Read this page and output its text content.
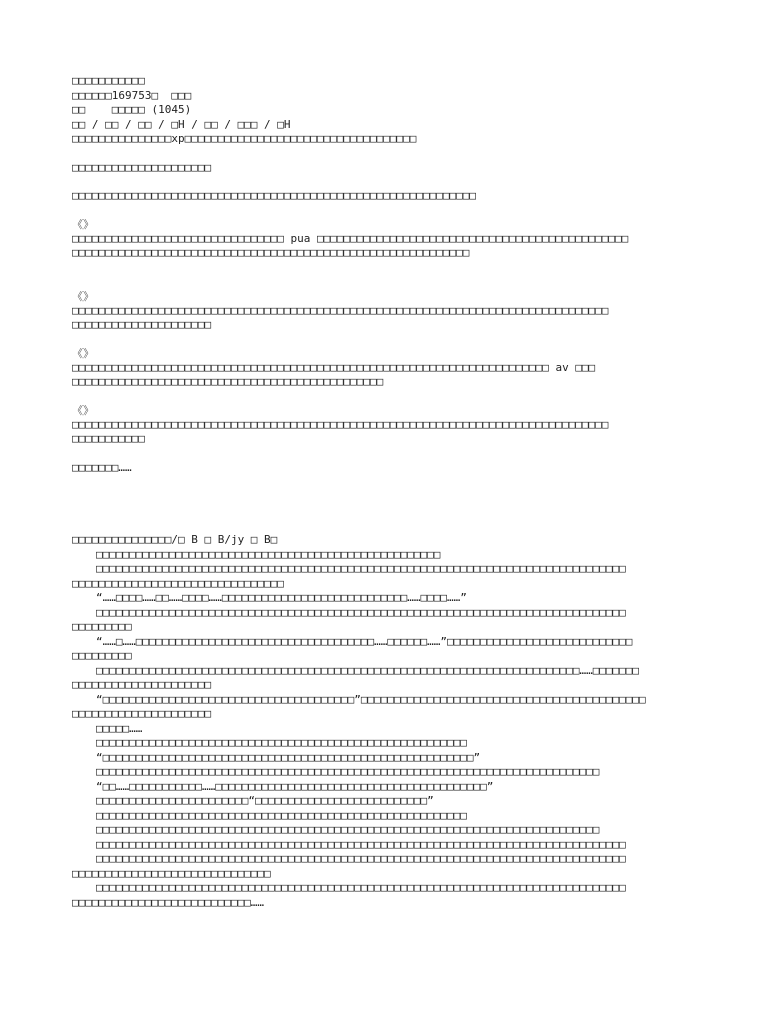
□□□□□□□□□□□
□□□□□□169753□  □□□
□□    □□□□□ (1045)
□□ / □□ / □□ / □H / □□ / □□□ / □H
□□□□□□□□□□□□□□□xp□□□□□□□□□□□□□□□□□□□□□□□□□□□□□□□□□□□
□□□□□□□□□□□□□□□□□□□□□
□□□□□□□□□□□□□□□□□□□□□□□□□□□□□□□□□□□□□□□□□□□□□□□□□□□□□□□□□□□□□
《》
□□□□□□□□□□□□□□□□□□□□□□□□□□□□□□□□ pua □□□□□□□□□□□□□□□□□□□□□□□□□□□□□□□□□□□□□□□□□□□□□□□
□□□□□□□□□□□□□□□□□□□□□□□□□□□□□□□□□□□□□□□□□□□□□□□□□□□□□□□□□□□□
《》
□□□□□□□□□□□□□□□□□□□□□□□□□□□□□□□□□□□□□□□□□□□□□□□□□□□□□□□□□□□□□□□□□□□□□□□□□□□□□□□□□
□□□□□□□□□□□□□□□□□□□□□
《》
□□□□□□□□□□□□□□□□□□□□□□□□□□□□□□□□□□□□□□□□□□□□□□□□□□□□□□□□□□□□□□□□□□□□□□□□ av □□□
□□□□□□□□□□□□□□□□□□□□□□□□□□□□□□□□□□□□□□□□□□□□□□□
《》
□□□□□□□□□□□□□□□□□□□□□□□□□□□□□□□□□□□□□□□□□□□□□□□□□□□□□□□□□□□□□□□□□□□□□□□□□□□□□□□□□
□□□□□□□□□□□
□□□□□□□……
□□□□□□□□□□□□□□□/□ B □ B/jy □ B□
□□□□□□□□□□□□□□□□□□□□□□□□□□□□□□□□□□□□□□□□□□□□□□□□□□□□
□□□□□□□□□□□□□□□□□□□□□□□□□□□□□□□□□□□□□□□□□□□□□□□□□□□□□□□□□□□□□□□□□□□□□□□□□□□□□□□□
□□□□□□□□□□□□□□□□□□□□□□□□□□□□□□□□
“……□□□□……□□……□□□□……□□□□□□□□□□□□□□□□□□□□□□□□□□□□……□□□□……”
□□□□□□□□□□□□□□□□□□□□□□□□□□□□□□□□□□□□□□□□□□□□□□□□□□□□□□□□□□□□□□□□□□□□□□□□□□□□□□□□
□□□□□□□□□
“……□……□□□□□□□□□□□□□□□□□□□□□□□□□□□□□□□□□□□□……□□□□□□……”□□□□□□□□□□□□□□□□□□□□□□□□□□□□
□□□□□□□□□
□□□□□□□□□□□□□□□□□□□□□□□□□□□□□□□□□□□□□□□□□□□□□□□□□□□□□□□□□□□□□□□□□□□□□□□□□……□□□□□□□
□□□□□□□□□□□□□□□□□□□□□
“□□□□□□□□□□□□□□□□□□□□□□□□□□□□□□□□□□□□□□”□□□□□□□□□□□□□□□□□□□□□□□□□□□□□□□□□□□□□□□□□□□
□□□□□□□□□□□□□□□□□□□□□
□□□□□……
□□□□□□□□□□□□□□□□□□□□□□□□□□□□□□□□□□□□□□□□□□□□□□□□□□□□□□□□
“□□□□□□□□□□□□□□□□□□□□□□□□□□□□□□□□□□□□□□□□□□□□□□□□□□□□□□□□”
□□□□□□□□□□□□□□□□□□□□□□□□□□□□□□□□□□□□□□□□□□□□□□□□□□□□□□□□□□□□□□□□□□□□□□□□□□□□
“□□……□□□□□□□□□□□……□□□□□□□□□□□□□□□□□□□□□□□□□□□□□□□□□□□□□□□□□”
□□□□□□□□□□□□□□□□□□□□□□□“□□□□□□□□□□□□□□□□□□□□□□□□□□”
□□□□□□□□□□□□□□□□□□□□□□□□□□□□□□□□□□□□□□□□□□□□□□□□□□□□□□□□
□□□□□□□□□□□□□□□□□□□□□□□□□□□□□□□□□□□□□□□□□□□□□□□□□□□□□□□□□□□□□□□□□□□□□□□□□□□□
□□□□□□□□□□□□□□□□□□□□□□□□□□□□□□□□□□□□□□□□□□□□□□□□□□□□□□□□□□□□□□□□□□□□□□□□□□□□□□□□
□□□□□□□□□□□□□□□□□□□□□□□□□□□□□□□□□□□□□□□□□□□□□□□□□□□□□□□□□□□□□□□□□□□□□□□□□□□□□□□□
□□□□□□□□□□□□□□□□□□□□□□□□□□□□□□
□□□□□□□□□□□□□□□□□□□□□□□□□□□□□□□□□□□□□□□□□□□□□□□□□□□□□□□□□□□□□□□□□□□□□□□□□□□□□□□□
□□□□□□□□□□□□□□□□□□□□□□□□□□□……
